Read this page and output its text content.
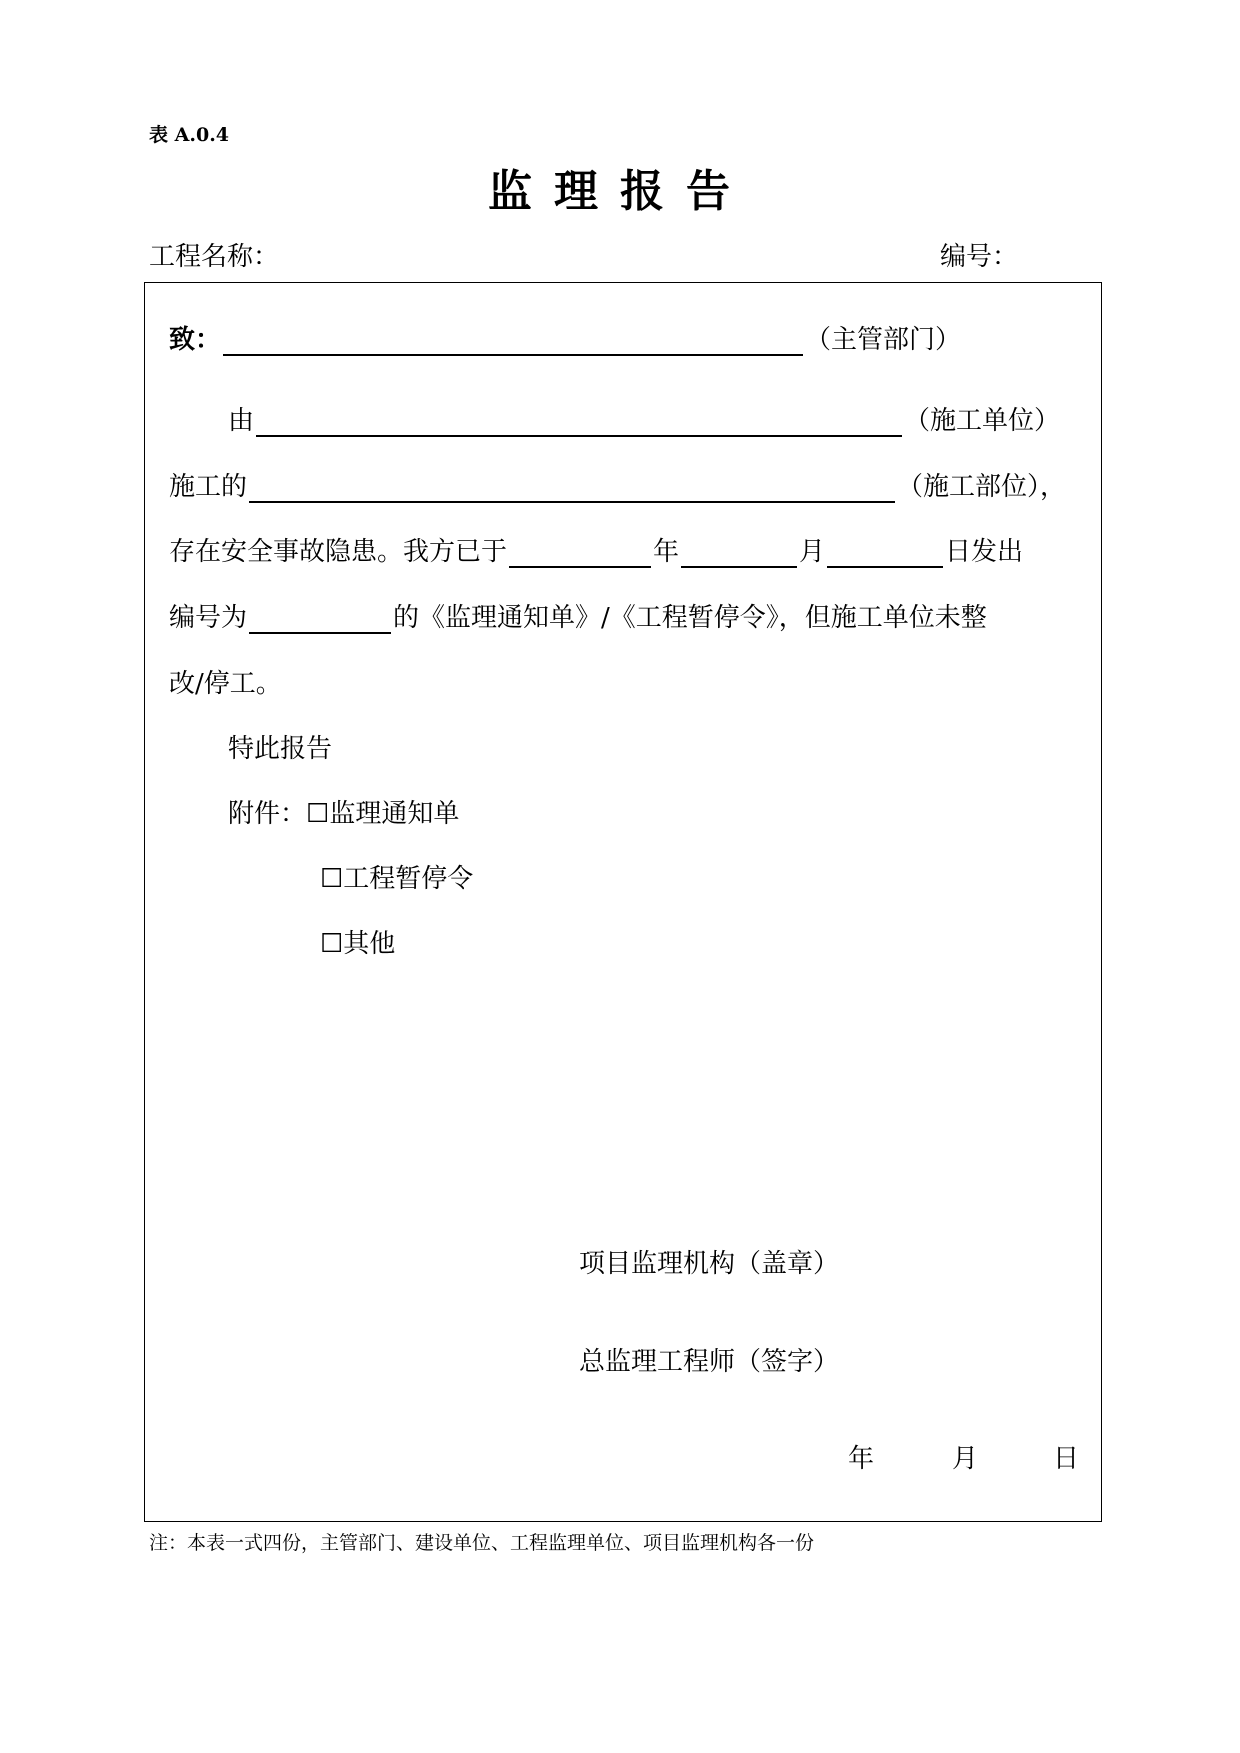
表 A.0.4
监理报告
工程名称：	编号：
致：	（主管部门）
由	（施工单位）
施工的	（施工部位），
存在安全事故隐患。我方已于	年	月	日发出
编号为	的《监理通知单》/《工程暂停令》，但施工单位未整
改/停工。
特此报告
附件： ☐监理通知单
☐工程暂停令
☐其他
项目监理机构（盖章）
总监理工程师（签字）
年	月	日
注：本表一式四份，主管部门、建设单位、工程监理单位、项目监理机构各一份
